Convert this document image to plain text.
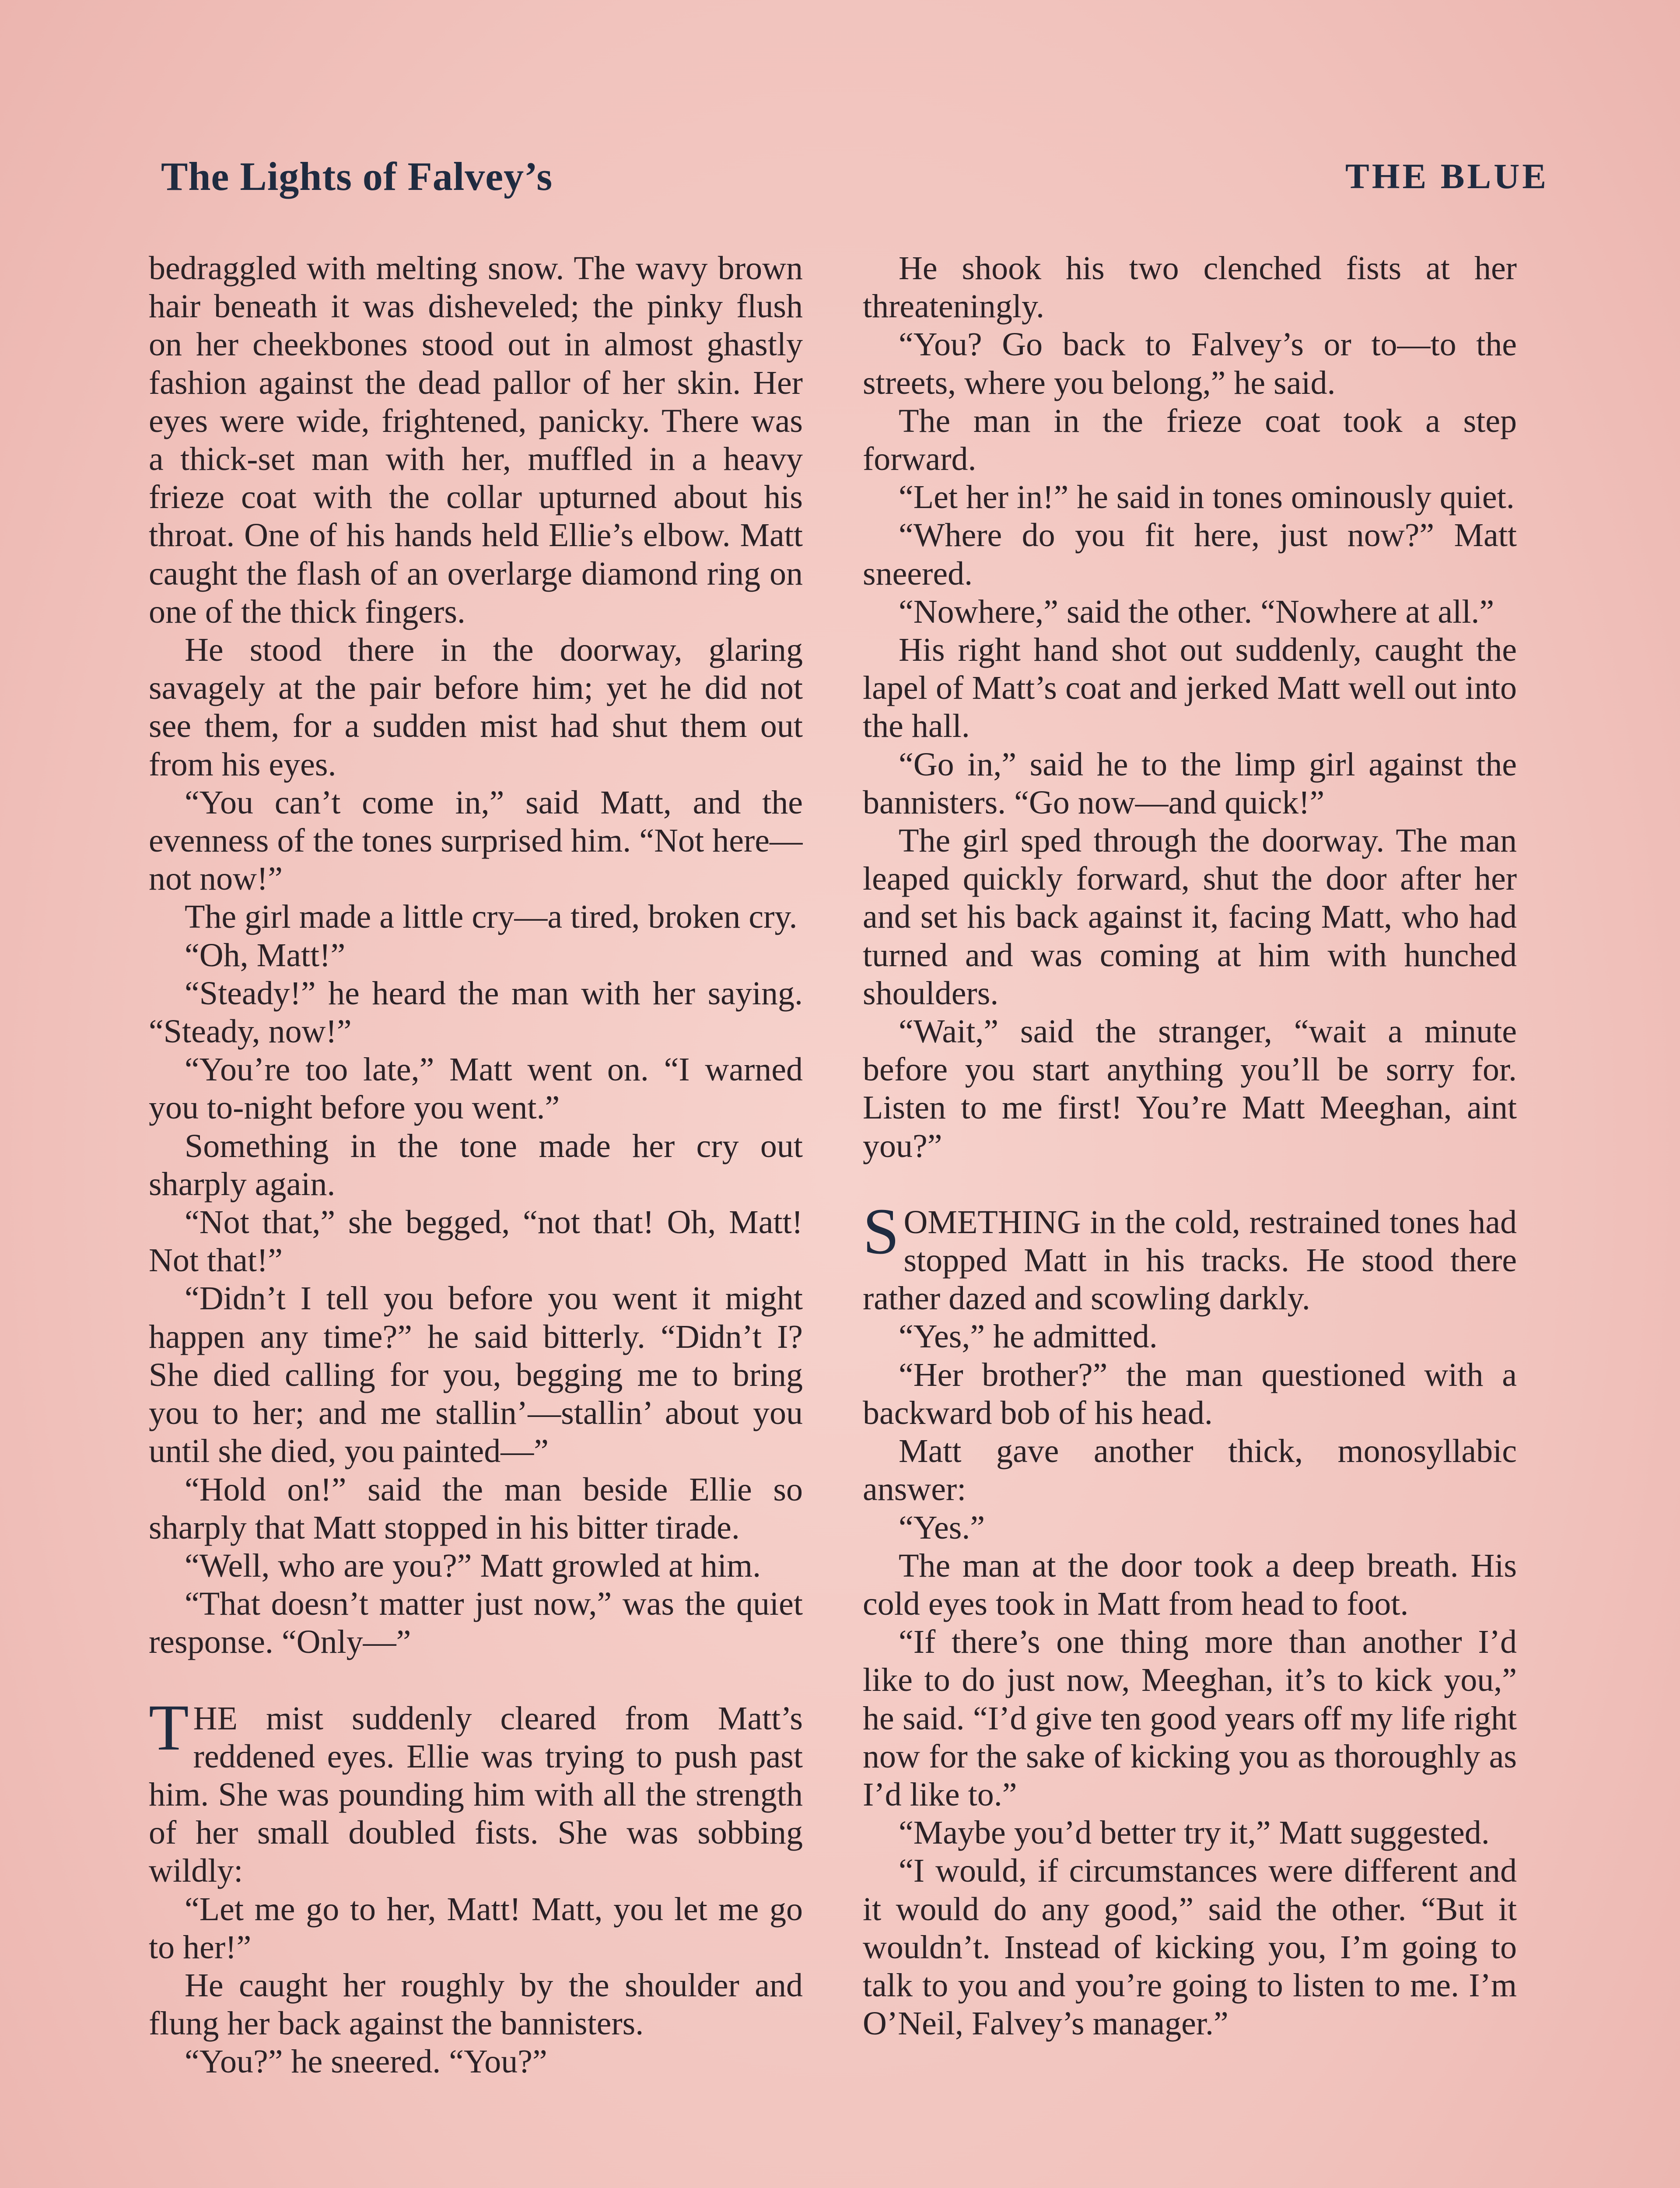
The Lights of Falvey’s	THE BLUE

bedraggled with melting snow. The wavy brown hair beneath it was disheveled; the pinky flush on her cheekbones stood out in almost ghastly fashion against the dead pallor of her skin. Her eyes were wide, frightened, panicky. There was a thick-set man with her, muffled in a heavy frieze coat with the collar upturned about his throat. One of his hands held Ellie’s elbow. Matt caught the flash of an overlarge diamond ring on one of the thick fingers.

He stood there in the doorway, glaring savagely at the pair before him; yet he did not see them, for a sudden mist had shut them out from his eyes.

“You can’t come in,” said Matt, and the evenness of the tones surprised him. “Not here—not now!”

The girl made a little cry—a tired, broken cry.

“Oh, Matt!”

“Steady!” he heard the man with her saying. “Steady, now!”

“You’re too late,” Matt went on. “I warned you to-night before you went.”

Something in the tone made her cry out sharply again.

“Not that,” she begged, “not that! Oh, Matt! Not that!”

“Didn’t I tell you before you went it might happen any time?” he said bitterly. “Didn’t I? She died calling for you, begging me to bring you to her; and me stallin’—stallin’ about you until she died, you painted—”

“Hold on!” said the man beside Ellie so sharply that Matt stopped in his bitter tirade.

“Well, who are you?” Matt growled at him.

“That doesn’t matter just now,” was the quiet response. “Only—”

THE mist suddenly cleared from Matt’s reddened eyes. Ellie was trying to push past him. She was pounding him with all the strength of her small doubled fists. She was sobbing wildly:

“Let me go to her, Matt! Matt, you let me go to her!”

He caught her roughly by the shoulder and flung her back against the bannisters.

“You?” he sneered. “You?”

He shook his two clenched fists at her threateningly.

“You? Go back to Falvey’s or to—to the streets, where you belong,” he said.

The man in the frieze coat took a step forward.

“Let her in!” he said in tones ominously quiet.

“Where do you fit here, just now?” Matt sneered.

“Nowhere,” said the other. “Nowhere at all.”

His right hand shot out suddenly, caught the lapel of Matt’s coat and jerked Matt well out into the hall.

“Go in,” said he to the limp girl against the bannisters. “Go now—and quick!”

The girl sped through the doorway. The man leaped quickly forward, shut the door after her and set his back against it, facing Matt, who had turned and was coming at him with hunched shoulders.

“Wait,” said the stranger, “wait a minute before you start anything you’ll be sorry for. Listen to me first! You’re Matt Meeghan, aint you?”

SOMETHING in the cold, restrained tones had stopped Matt in his tracks. He stood there rather dazed and scowling darkly.

“Yes,” he admitted.

“Her brother?” the man questioned with a backward bob of his head.

Matt gave another thick, monosyllabic answer:

“Yes.”

The man at the door took a deep breath. His cold eyes took in Matt from head to foot.

“If there’s one thing more than another I’d like to do just now, Meeghan, it’s to kick you,” he said. “I’d give ten good years off my life right now for the sake of kicking you as thoroughly as I’d like to.”

“Maybe you’d better try it,” Matt suggested.

“I would, if circumstances were different and it would do any good,” said the other. “But it wouldn’t. Instead of kicking you, I’m going to talk to you and you’re going to listen to me. I’m O’Neil, Falvey’s manager.”
